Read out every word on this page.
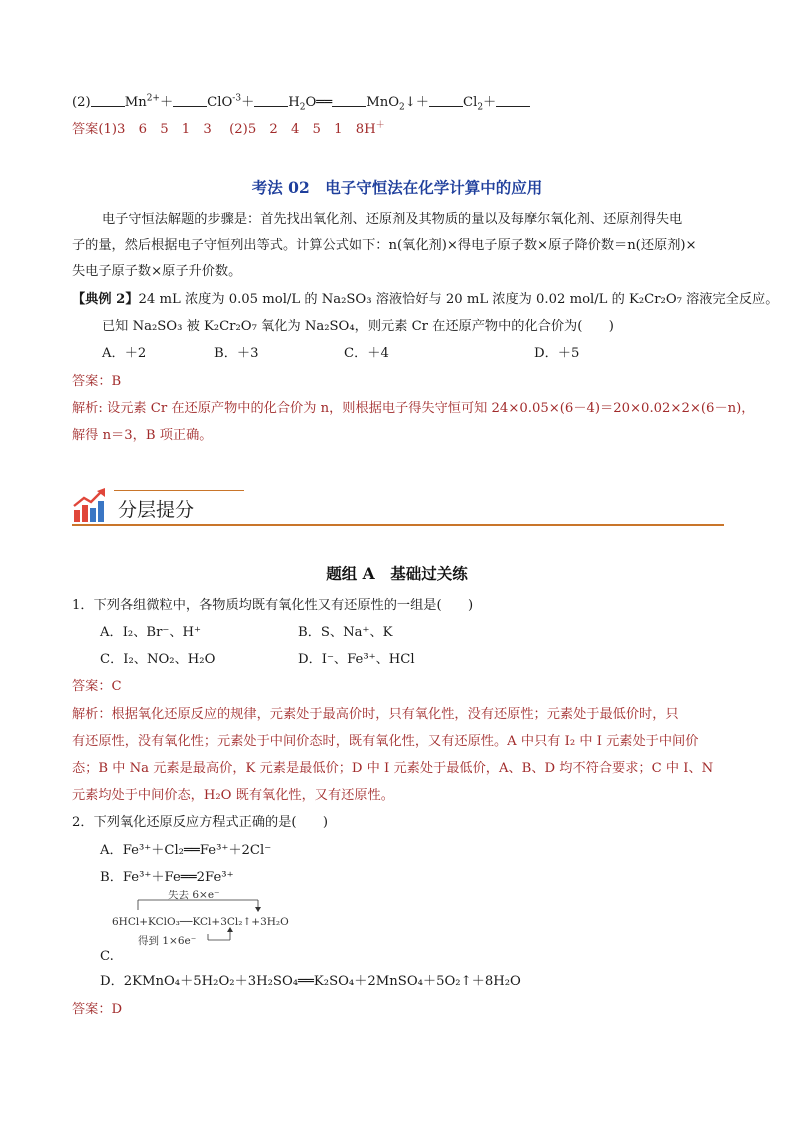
(2)	$Mn^{2+}+$	ClO$^{-3}$＋	$H_2O══$	MnO$_2$↓＋	$Cl_2+$
答案(1)3　6　5　1　3　 (2)5　2　4　5　1　8H＋
考法 02　电子守恒法在化学计算中的应用
电子守恒法解题的步骤是：首先找出氧化剂、还原剂及其物质的量以及每摩尔氧化剂、还原剂得失电
子的量，然后根据电子守恒列出等式。计算公式如下：n(氧化剂)×得电子原子数×原子降价数＝n(还原剂)×
失电子原子数×原子升价数。
【典例 2】24 mL 浓度为 0.05 mol/L 的 Na₂SO₃ 溶液恰好与 20 mL 浓度为 0.02 mol/L 的 K₂Cr₂O₇ 溶液完全反应。
已知 Na₂SO₃ 被 K₂Cr₂O₇ 氧化为 Na₂SO₄，则元素 Cr 在还原产物中的化合价为(　　)
A．＋2	B．＋3	C．＋4	D．＋5
答案：B
解析: 设元素 Cr 在还原产物中的化合价为 n，则根据电子得失守恒可知 24×0.05×(6－4)＝20×0.02×2×(6－n)，
解得 n＝3，B 项正确。
分层提分
题组 A　基础过关练
1．下列各组微粒中，各物质均既有氧化性又有还原性的一组是(　　)
A．I₂、Br⁻、H⁺	B．S、Na⁺、K
C．I₂、NO₂、H₂O	D．I⁻、Fe³⁺、HCl
答案：C
解析：根据氧化还原反应的规律，元素处于最高价时，只有氧化性，没有还原性；元素处于最低价时，只
有还原性，没有氧化性；元素处于中间价态时，既有氧化性，又有还原性。A 中只有 I₂ 中 I 元素处于中间价
态；B 中 Na 元素是最高价，K 元素是最低价；D 中 I 元素处于最低价，A、B、D 均不符合要求；C 中 I、N
元素均处于中间价态，H₂O 既有氧化性，又有还原性。
2．下列氧化还原反应方程式正确的是(　　)
A．Fe³⁺＋Cl₂══Fe³⁺＋2Cl⁻
B．Fe³⁺＋Fe══2Fe³⁺
失去 6×e⁻
6HCl+KClO₃──KCl+3Cl₂↑+3H₂O
得到 1×6e⁻
C.
D．2KMnO₄＋5H₂O₂＋3H₂SO₄══K₂SO₄＋2MnSO₄＋5O₂↑＋8H₂O
答案：D
